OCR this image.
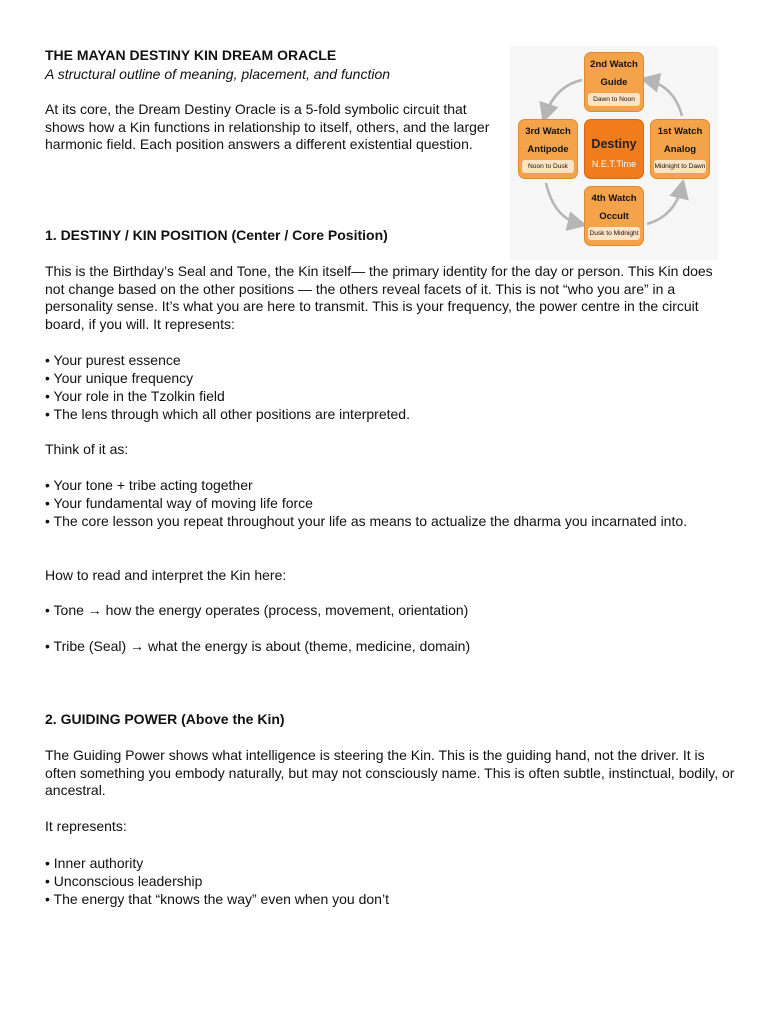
THE MAYAN DESTINY KIN DREAM ORACLE
A structural outline of meaning, placement, and function
At its core, the Dream Destiny Oracle is a 5-fold symbolic circuit that shows how a Kin functions in relationship to itself, others, and the larger harmonic field. Each position answers a different existential question.
2nd Watch
Guide
Dawn to Noon
3rd Watch
Antipode
Noon to Dusk
Destiny
N.E.T.Time
1st Watch
Analog
Midnight to Dawn
4th Watch
Occult
Dusk to Midnight
1. DESTINY / KIN POSITION (Center / Core Position)
This is the Birthday’s Seal and Tone, the Kin itself— the primary identity for the day or person. This Kin does not change based on the other positions — the others reveal facets of it. This is not “who you are” in a personality sense. It’s what you are here to transmit. This is your frequency, the power centre in the circuit board, if you will. It represents:
• Your purest essence
• Your unique frequency
• Your role in the Tzolkin field
• The lens through which all other positions are interpreted.
Think of it as:
• Your tone + tribe acting together
• Your fundamental way of moving life force
• The core lesson you repeat throughout your life as means to actualize the dharma you incarnated into.
How to read and interpret the Kin here:
• Tone → how the energy operates (process, movement, orientation)
• Tribe (Seal) → what the energy is about (theme, medicine, domain)
2. GUIDING POWER (Above the Kin)
The Guiding Power shows what intelligence is steering the Kin. This is the guiding hand, not the driver. It is often something you embody naturally, but may not consciously name. This is often subtle, instinctual, bodily, or ancestral.
It represents:
• Inner authority
• Unconscious leadership
• The energy that “knows the way” even when you don’t
